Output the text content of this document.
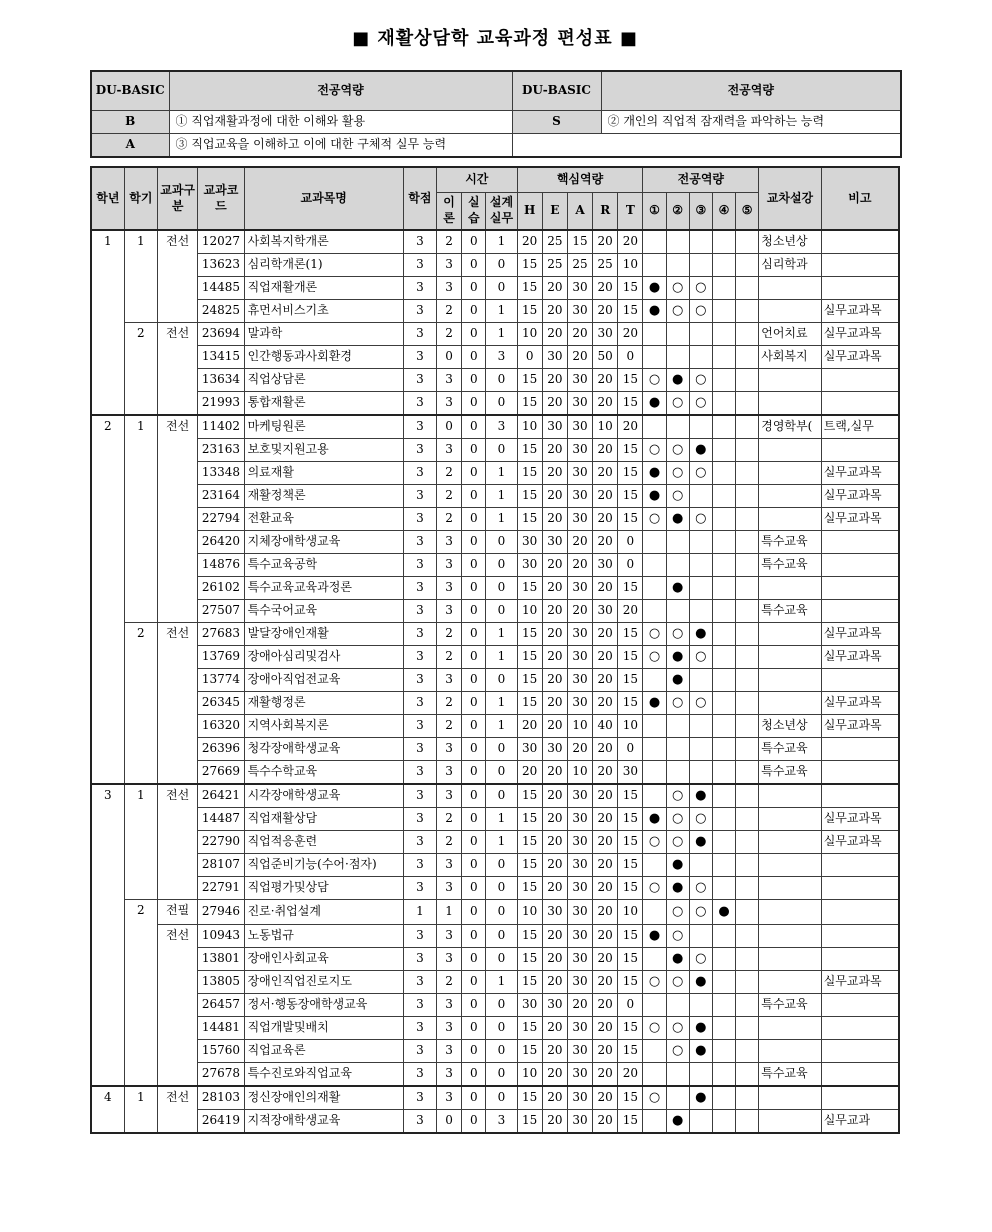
■ 재활상담학 교육과정 편성표 ■
DU-BASIC	전공역량	DU-BASIC	전공역량
B	① 직업재활과정에 대한 이해와 활용	S	② 개인의 직업적 잠재력을 파악하는 능력
A	③ 직업교육을 이해하고 이에 대한 구체적 실무 능력		
학년	학기	교과구분	교과코드	교과목명	학점	시간			핵심역량					전공역량					교차설강	비고
						이론	실습	설계실무	H	E	A	R	T	①	②	③	④	⑤		
1	1	전선	12027	사회복지학개론	3	2	0	1	20	25	15	20	20						청소년상	
			13623	심리학개론(1)	3	3	0	0	15	25	25	25	10						심리학과	
			14485	직업재활개론	3	3	0	0	15	20	30	20	15	●	○	○				
			24825	휴먼서비스기초	3	2	0	1	15	20	30	20	15	●	○	○				실무교과목
	2	전선	23694	말과학	3	2	0	1	10	20	20	30	20						언어치료	실무교과목
			13415	인간행동과사회환경	3	0	0	3	0	30	20	50	0						사회복지	실무교과목
			13634	직업상담론	3	3	0	0	15	20	30	20	15	○	●	○				
			21993	통합재활론	3	3	0	0	15	20	30	20	15	●	○	○				
2	1	전선	11402	마케팅원론	3	0	0	3	10	30	30	10	20						경영학부(	트랙,실무
			23163	보호및지원고용	3	3	0	0	15	20	30	20	15	○	○	●				
			13348	의료재활	3	2	0	1	15	20	30	20	15	●	○	○				실무교과목
			23164	재활정책론	3	2	0	1	15	20	30	20	15	●	○					실무교과목
			22794	전환교육	3	2	0	1	15	20	30	20	15	○	●	○				실무교과목
			26420	지체장애학생교육	3	3	0	0	30	30	20	20	0						특수교육	
			14876	특수교육공학	3	3	0	0	30	20	20	30	0						특수교육	
			26102	특수교육교육과정론	3	3	0	0	15	20	30	20	15		●					
			27507	특수국어교육	3	3	0	0	10	20	20	30	20						특수교육	
	2	전선	27683	발달장애인재활	3	2	0	1	15	20	30	20	15	○	○	●				실무교과목
			13769	장애아심리및검사	3	2	0	1	15	20	30	20	15	○	●	○				실무교과목
			13774	장애아직업전교육	3	3	0	0	15	20	30	20	15		●					
			26345	재활행정론	3	2	0	1	15	20	30	20	15	●	○	○				실무교과목
			16320	지역사회복지론	3	2	0	1	20	20	10	40	10						청소년상	실무교과목
			26396	청각장애학생교육	3	3	0	0	30	30	20	20	0						특수교육	
			27669	특수수학교육	3	3	0	0	20	20	10	20	30						특수교육	
3	1	전선	26421	시각장애학생교육	3	3	0	0	15	20	30	20	15		○	●				
			14487	직업재활상담	3	2	0	1	15	20	30	20	15	●	○	○				실무교과목
			22790	직업적응훈련	3	2	0	1	15	20	30	20	15	○	○	●				실무교과목
			28107	직업준비기능(수어·점자)	3	3	0	0	15	20	30	20	15		●					
			22791	직업평가및상담	3	3	0	0	15	20	30	20	15	○	●	○				
	2	전필	27946	진로·취업설계	1	1	0	0	10	30	30	20	10		○	○	●			
		전선	10943	노동법규	3	3	0	0	15	20	30	20	15	●	○					
			13801	장애인사회교육	3	3	0	0	15	20	30	20	15		●	○				
			13805	장애인직업진로지도	3	2	0	1	15	20	30	20	15	○	○	●				실무교과목
			26457	정서·행동장애학생교육	3	3	0	0	30	30	20	20	0						특수교육	
			14481	직업개발및배치	3	3	0	0	15	20	30	20	15	○	○	●				
			15760	직업교육론	3	3	0	0	15	20	30	20	15		○	●				
			27678	특수진로와직업교육	3	3	0	0	10	20	30	20	20						특수교육	
4	1	전선	28103	정신장애인의재활	3	3	0	0	15	20	30	20	15	○		●				
			26419	지적장애학생교육	3	0	0	3	15	20	30	20	15		●					실무교과
